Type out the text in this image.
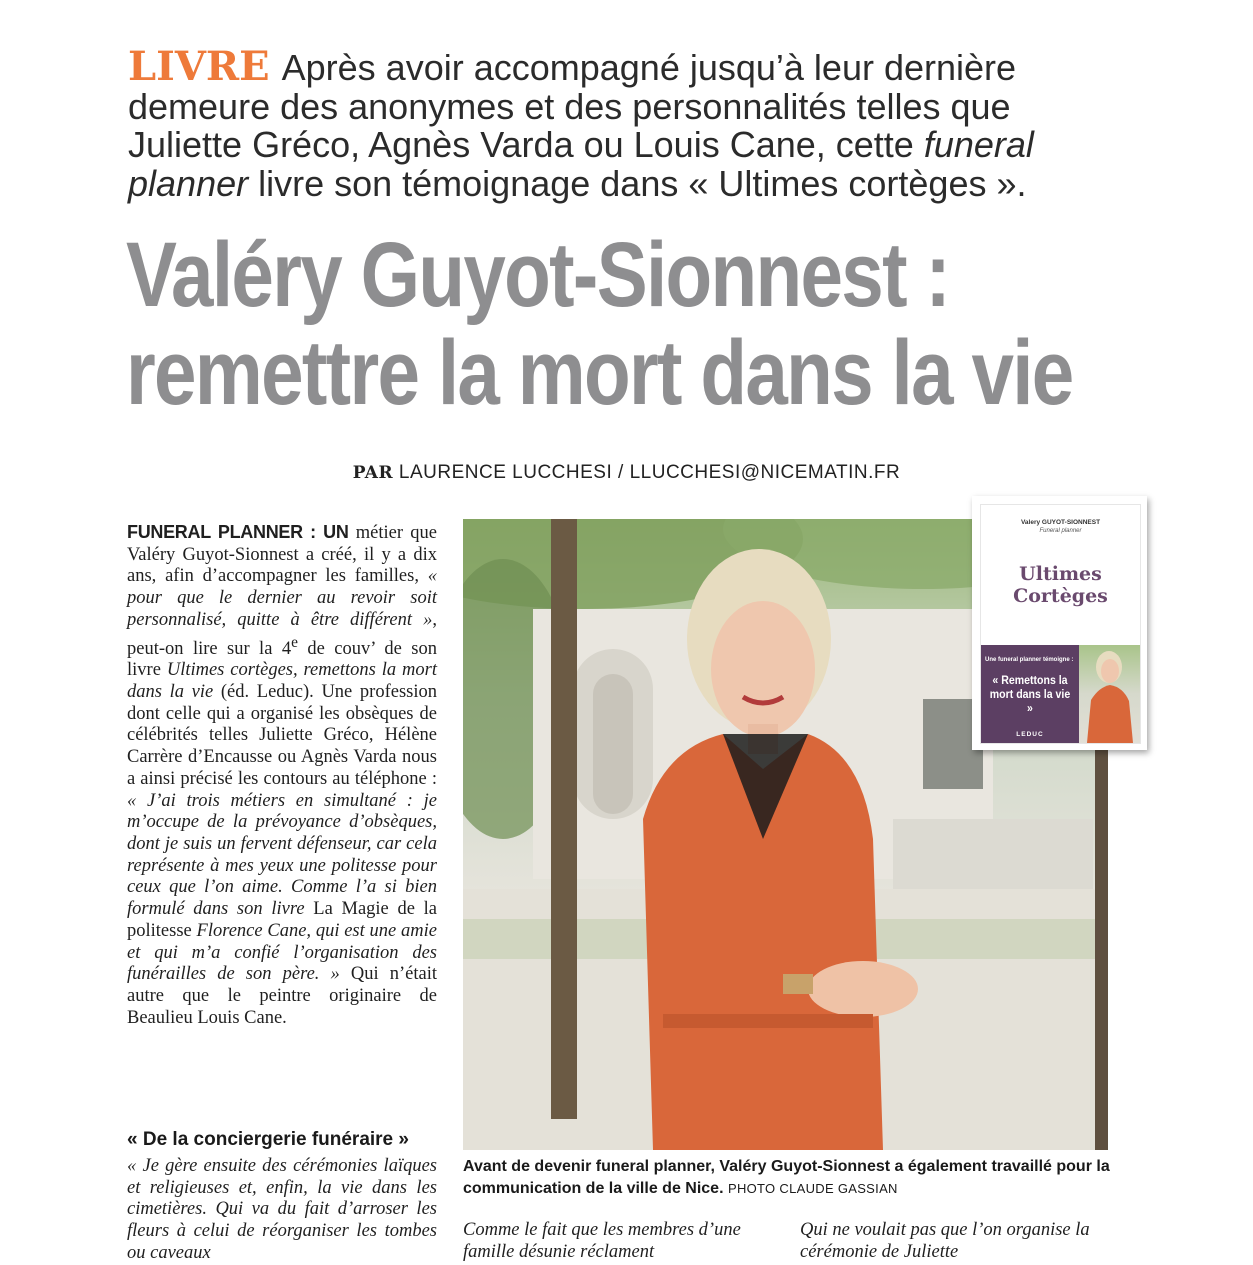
LIVRE Après avoir accompagné jusqu’à leur dernière demeure des anonymes et des personnalités telles que Juliette Gréco, Agnès Varda ou Louis Cane, cette funeral planner livre son témoignage dans « Ultimes cortèges ».
Valéry Guyot-Sionnest :
remettre la mort dans la vie
PAR LAURENCE LUCCHESI / LLUCCHESI@NICEMATIN.FR
FUNERAL PLANNER : UN métier que Valéry Guyot-Sionnest a créé, il y a dix ans, afin d’accompagner les familles, « pour que le dernier au revoir soit personnalisé, quitte à être différent », peut-on lire sur la 4e de couv’ de son livre Ultimes cortèges, remettons la mort dans la vie (éd. Leduc). Une profession dont celle qui a organisé les obsèques de célébrités telles Juliette Gréco, Hélène Carrère d’Encausse ou Agnès Varda nous a ainsi précisé les contours au téléphone : « J’ai trois métiers en simultané : je m’occupe de la prévoyance d’obsèques, dont je suis un fervent défenseur, car cela représente à mes yeux une politesse pour ceux que l’on aime. Comme l’a si bien formulé dans son livre La Magie de la politesse Florence Cane, qui est une amie et qui m’a confié l’organisation des funérailles de son père. » Qui n’était autre que le peintre originaire de Beaulieu Louis Cane.
« De la conciergerie funéraire »
« Je gère ensuite des cérémonies laïques et religieuses et, enfin, la vie dans les cimetières. Qui va du fait d’arroser les fleurs à celui de réorganiser les tombes ou caveaux
Valery GUYOT-SIONNEST
Funeral planner
Ultimes
Cortèges
Une funeral planner témoigne :
« Remettons la mort dans la vie »
LEDUC
Avant de devenir funeral planner, Valéry Guyot-Sionnest a également travaillé pour la communication de la ville de Nice. PHOTO CLAUDE GASSIAN
Comme le fait que les membres d’une famille désunie réclament
Qui ne voulait pas que l’on organise la cérémonie de Juliette
